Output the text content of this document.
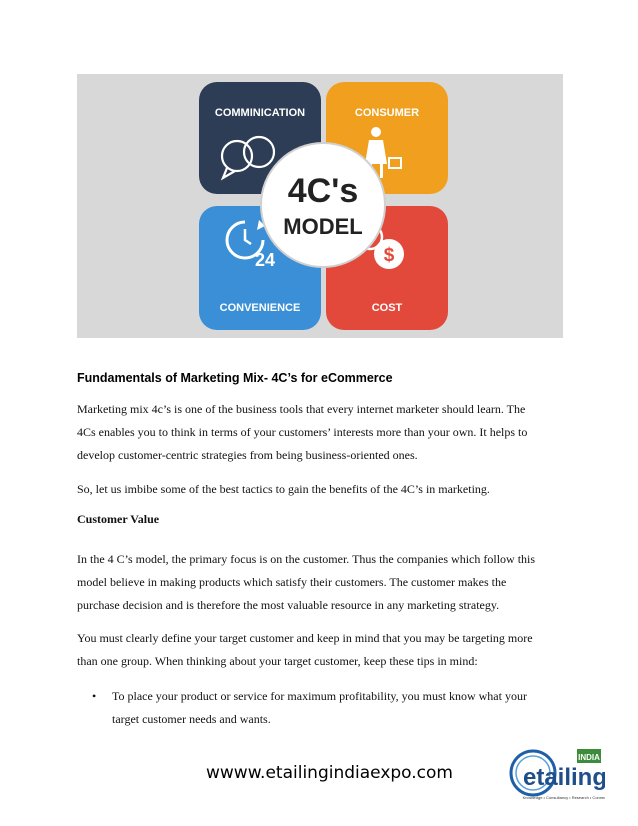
COMMINICATION	CONSUMER
CONVENIENCE	COST
24	$
4C's
MODEL
Fundamentals of Marketing Mix- 4C’s for eCommerce
Marketing mix 4c’s is one of the business tools that every internet marketer should learn. The
4Cs enables you to think in terms of your customers’ interests more than your own. It helps to
develop customer-centric strategies from being business-oriented ones.
So, let us imbibe some of the best tactics to gain the benefits of the 4C’s in marketing.
Customer Value
In the 4 C’s model, the primary focus is on the customer. Thus the companies which follow this
model believe in making products which satisfy their customers. The customer makes the
purchase decision and is therefore the most valuable resource in any marketing strategy.
You must clearly define your target customer and keep in mind that you may be targeting more
than one group. When thinking about your target customer, keep these tips in mind:
• To place your product or service for maximum profitability, you must know what your
target customer needs and wants.
wwww.etailingindiaexpo.com
INDIA
etailing
Knowledge • Consultancy • Research • Connect
